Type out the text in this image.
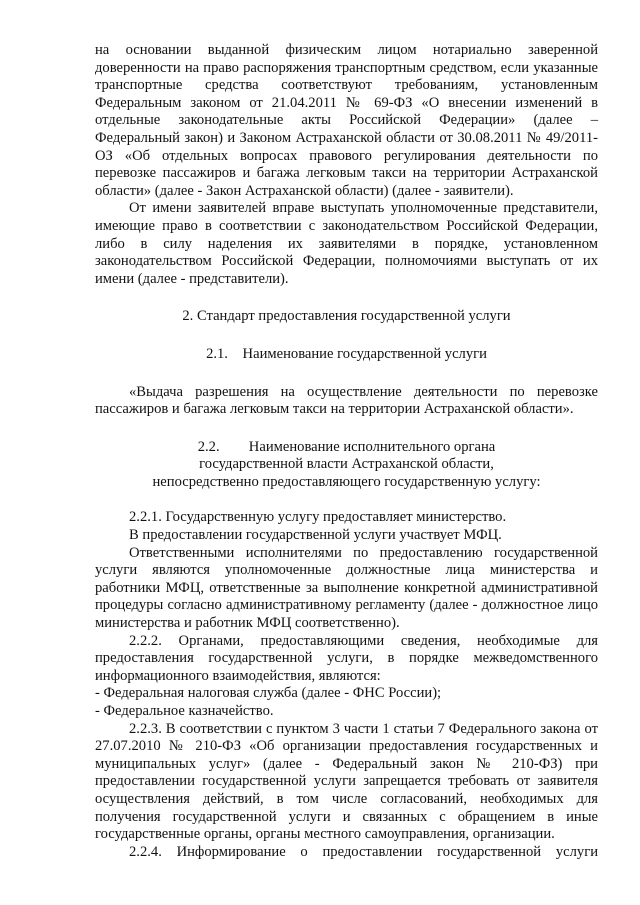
на основании выданной физическим лицом нотариально заверенной доверенности на право распоряжения транспортным средством, если указанные транспортные средства соответствуют требованиям, установленным Федеральным законом от 21.04.2011 № 69-ФЗ «О внесении изменений в отдельные законодательные акты Российской Федерации» (далее – Федеральный закон) и Законом Астраханской области от 30.08.2011 № 49/2011-ОЗ «Об отдельных вопросах правового регулирования деятельности по перевозке пассажиров и багажа легковым такси на территории Астраханской области» (далее - Закон Астраханской области) (далее - заявители).

От имени заявителей вправе выступать уполномоченные представители, имеющие право в соответствии с законодательством Российской Федерации, либо в силу наделения их заявителями в порядке, установленном законодательством Российской Федерации, полномочиями выступать от их имени (далее - представители).

2. Стандарт предоставления государственной услуги

2.1.    Наименование государственной услуги

«Выдача разрешения на осуществление деятельности по перевозке пассажиров и багажа легковым такси на территории Астраханской области».

2.2.        Наименование исполнительного органа

государственной власти Астраханской области,

непосредственно предоставляющего государственную услугу:

2.2.1. Государственную услугу предоставляет министерство.

В предоставлении государственной услуги участвует МФЦ.

Ответственными исполнителями по предоставлению государственной услуги являются уполномоченные должностные лица министерства и работники МФЦ, ответственные за выполнение конкретной административной процедуры согласно административному регламенту (далее - должностное лицо министерства и работник МФЦ соответственно).

2.2.2. Органами, предоставляющими сведения, необходимые для предоставления государственной услуги, в порядке межведомственного информационного взаимодействия, являются:

- Федеральная налоговая служба (далее - ФНС России);

- Федеральное казначейство.

2.2.3. В соответствии с пунктом 3 части 1 статьи 7 Федерального закона от 27.07.2010 № 210-ФЗ «Об организации предоставления государственных и муниципальных услуг» (далее - Федеральный закон № 210-ФЗ) при предоставлении государственной услуги запрещается требовать от заявителя осуществления действий, в том числе согласований, необходимых для получения государственной услуги и связанных с обращением в иные государственные органы, органы местного самоуправления, организации.

2.2.4. Информирование о предоставлении государственной услуги
